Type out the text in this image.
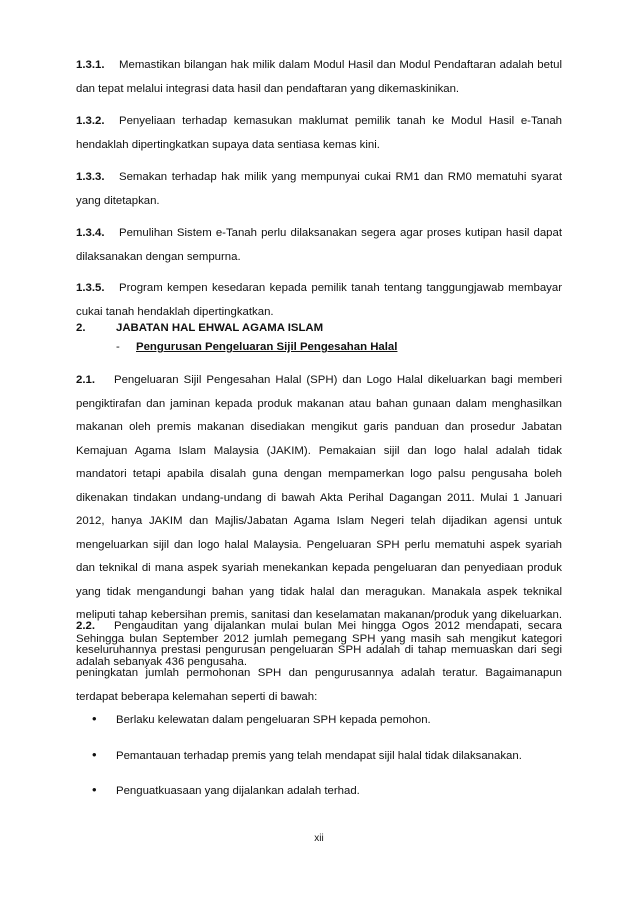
1.3.1. Memastikan bilangan hak milik dalam Modul Hasil dan Modul Pendaftaran adalah betul dan tepat melalui integrasi data hasil dan pendaftaran yang dikemaskinikan.

1.3.2. Penyeliaan terhadap kemasukan maklumat pemilik tanah ke Modul Hasil e-Tanah hendaklah dipertingkatkan supaya data sentiasa kemas kini.

1.3.3. Semakan terhadap hak milik yang mempunyai cukai RM1 dan RM0 mematuhi syarat yang ditetapkan.

1.3.4. Pemulihan Sistem e-Tanah perlu dilaksanakan segera agar proses kutipan hasil dapat dilaksanakan dengan sempurna.

1.3.5. Program kempen kesedaran kepada pemilik tanah tentang tanggungjawab membayar cukai tanah hendaklah dipertingkatkan.

2.	JABATAN HAL EHWAL AGAMA ISLAM
- Pengurusan Pengeluaran Sijil Pengesahan Halal

2.1. Pengeluaran Sijil Pengesahan Halal (SPH) dan Logo Halal dikeluarkan bagi memberi pengiktirafan dan jaminan kepada produk makanan atau bahan gunaan dalam menghasilkan makanan oleh premis makanan disediakan mengikut garis panduan dan prosedur Jabatan Kemajuan Agama Islam Malaysia (JAKIM). Pemakaian sijil dan logo halal adalah tidak mandatori tetapi apabila disalah guna dengan mempamerkan logo palsu pengusaha boleh dikenakan tindakan undang-undang di bawah Akta Perihal Dagangan 2011. Mulai 1 Januari 2012, hanya JAKIM dan Majlis/Jabatan Agama Islam Negeri telah dijadikan agensi untuk mengeluarkan sijil dan logo halal Malaysia. Pengeluaran SPH perlu mematuhi aspek syariah dan teknikal di mana aspek syariah menekankan kepada pengeluaran dan penyediaan produk yang tidak mengandungi bahan yang tidak halal dan meragukan. Manakala aspek teknikal meliputi tahap kebersihan premis, sanitasi dan keselamatan makanan/produk yang dikeluarkan. Sehingga bulan September 2012 jumlah pemegang SPH yang masih sah mengikut kategori adalah sebanyak 436 pengusaha.

2.2. Pengauditan yang dijalankan mulai bulan Mei hingga Ogos 2012 mendapati, secara keseluruhannya prestasi pengurusan pengeluaran SPH adalah di tahap memuaskan dari segi peningkatan jumlah permohonan SPH dan pengurusannya adalah teratur. Bagaimanapun terdapat beberapa kelemahan seperti di bawah:

• Berlaku kelewatan dalam pengeluaran SPH kepada pemohon.
• Pemantauan terhadap premis yang telah mendapat sijil halal tidak dilaksanakan.
• Penguatkuasaan yang dijalankan adalah terhad.
xii
